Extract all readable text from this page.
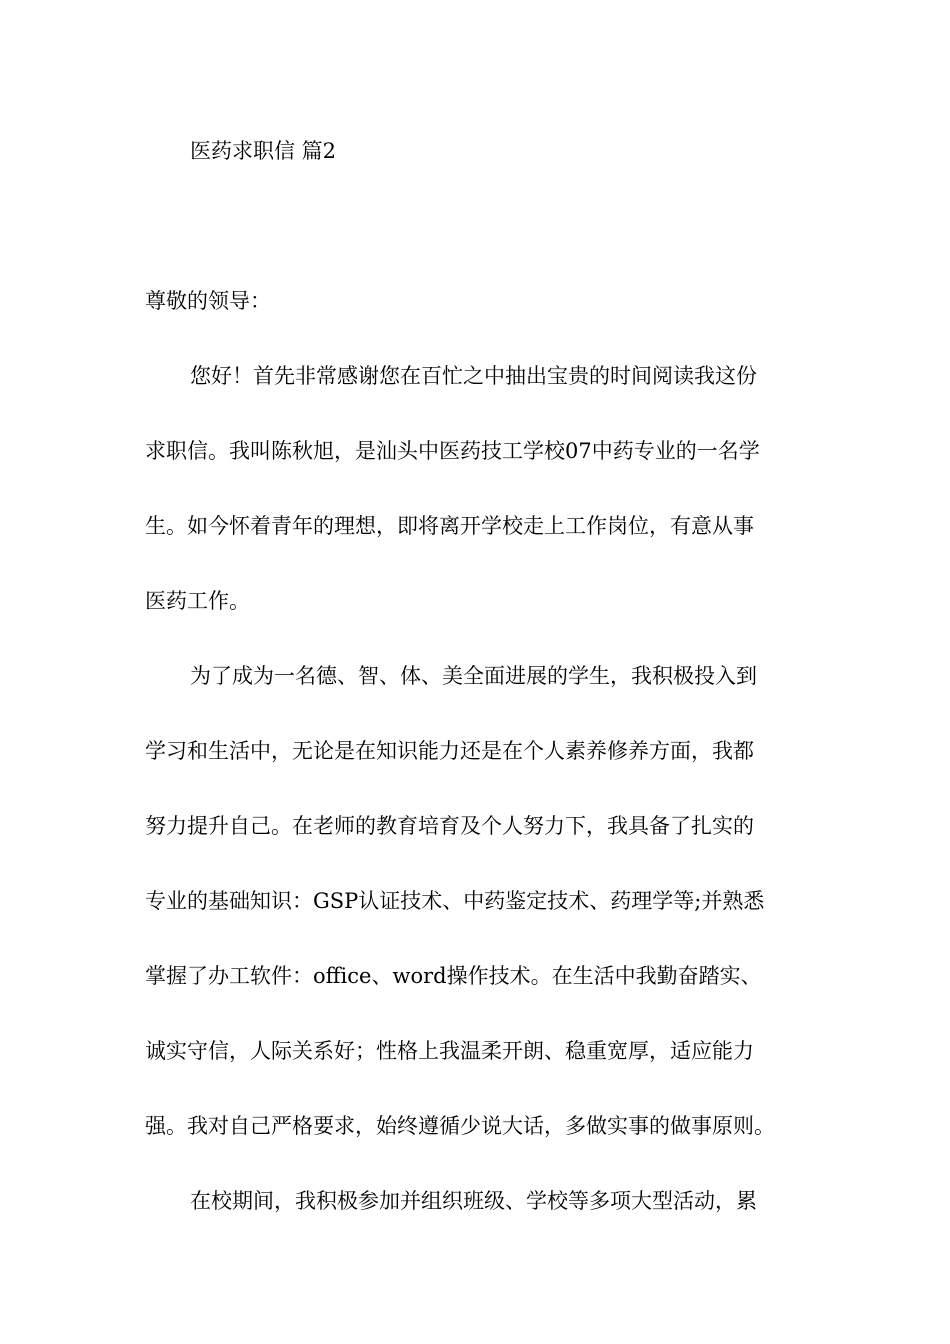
医药求职信 篇2

尊敬的领导：

您好！首先非常感谢您在百忙之中抽出宝贵的时间阅读我这份
求职信。我叫陈秋旭，是汕头中医药技工学校07中药专业的一名学
生。如今怀着青年的理想，即将离开学校走上工作岗位，有意从事
医药工作。
为了成为一名德、智、体、美全面进展的学生，我积极投入到
学习和生活中，无论是在知识能力还是在个人素养修养方面，我都
努力提升自己。在老师的教育培育及个人努力下，我具备了扎实的
专业的基础知识：GSP认证技术、中药鉴定技术、药理学等;并熟悉
掌握了办工软件：office、word操作技术。在生活中我勤奋踏实、
诚实守信，人际关系好；性格上我温柔开朗、稳重宽厚，适应能力
强。我对自己严格要求，始终遵循少说大话，多做实事的做事原则。
在校期间，我积极参加并组织班级、学校等多项大型活动，累
